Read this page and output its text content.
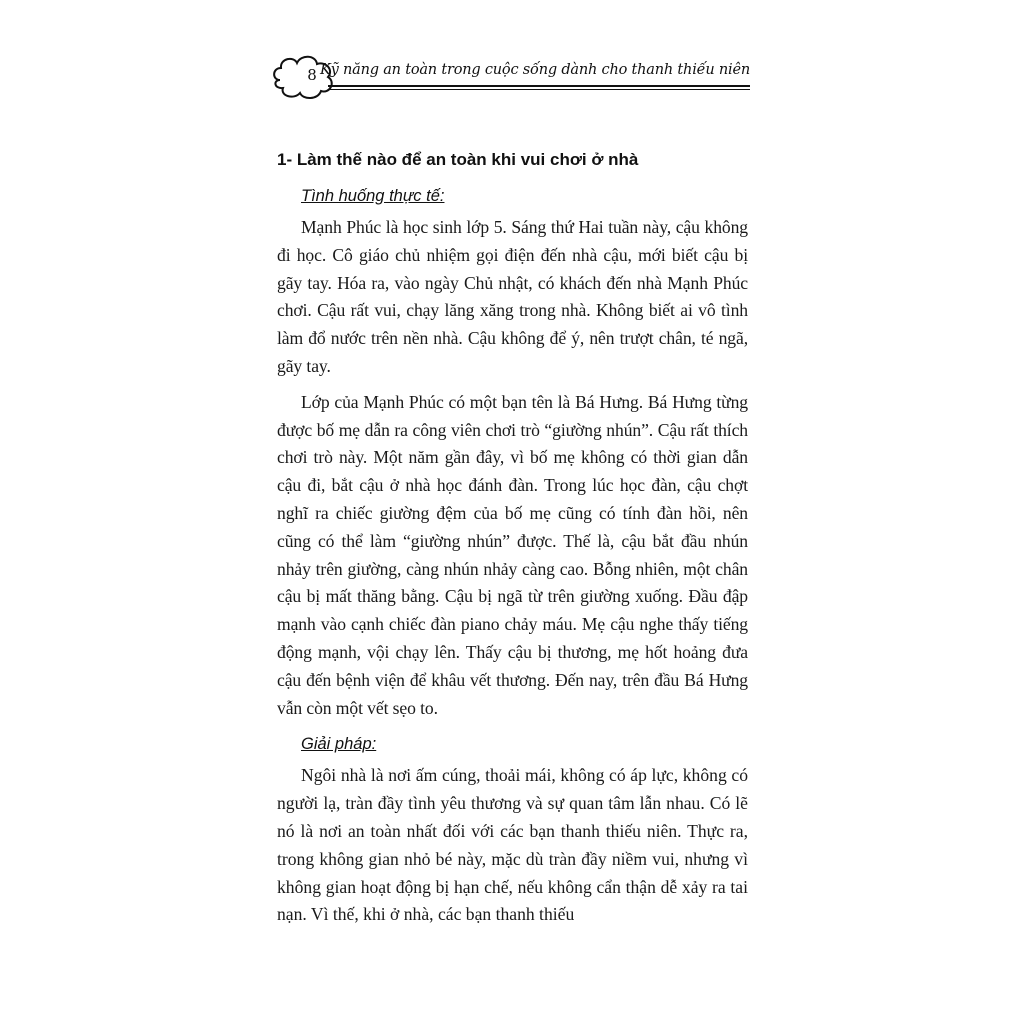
8 Kỹ năng an toàn trong cuộc sống dành cho thanh thiếu niên
1- Làm thế nào để an toàn khi vui chơi ở nhà
Tình huống thực tế:

Mạnh Phúc là học sinh lớp 5. Sáng thứ Hai tuần này, cậu không đi học. Cô giáo chủ nhiệm gọi điện đến nhà cậu, mới biết cậu bị gãy tay. Hóa ra, vào ngày Chủ nhật, có khách đến nhà Mạnh Phúc chơi. Cậu rất vui, chạy lăng xăng trong nhà. Không biết ai vô tình làm đổ nước trên nền nhà. Cậu không để ý, nên trượt chân, té ngã, gãy tay.

Lớp của Mạnh Phúc có một bạn tên là Bá Hưng. Bá Hưng từng được bố mẹ dẫn ra công viên chơi trò “giường nhún”. Cậu rất thích chơi trò này. Một năm gần đây, vì bố mẹ không có thời gian dẫn cậu đi, bắt cậu ở nhà học đánh đàn. Trong lúc học đàn, cậu chợt nghĩ ra chiếc giường đệm của bố mẹ cũng có tính đàn hồi, nên cũng có thể làm “giường nhún” được. Thế là, cậu bắt đầu nhún nhảy trên giường, càng nhún nhảy càng cao. Bỗng nhiên, một chân cậu bị mất thăng bằng. Cậu bị ngã từ trên giường xuống. Đầu đập mạnh vào cạnh chiếc đàn piano chảy máu. Mẹ cậu nghe thấy tiếng động mạnh, vội chạy lên. Thấy cậu bị thương, mẹ hốt hoảng đưa cậu đến bệnh viện để khâu vết thương. Đến nay, trên đầu Bá Hưng vẫn còn một vết sẹo to.

Giải pháp:

Ngôi nhà là nơi ấm cúng, thoải mái, không có áp lực, không có người lạ, tràn đầy tình yêu thương và sự quan tâm lẫn nhau. Có lẽ nó là nơi an toàn nhất đối với các bạn thanh thiếu niên. Thực ra, trong không gian nhỏ bé này, mặc dù tràn đầy niềm vui, nhưng vì không gian hoạt động bị hạn chế, nếu không cẩn thận dễ xảy ra tai nạn. Vì thế, khi ở nhà, các bạn thanh thiếu
